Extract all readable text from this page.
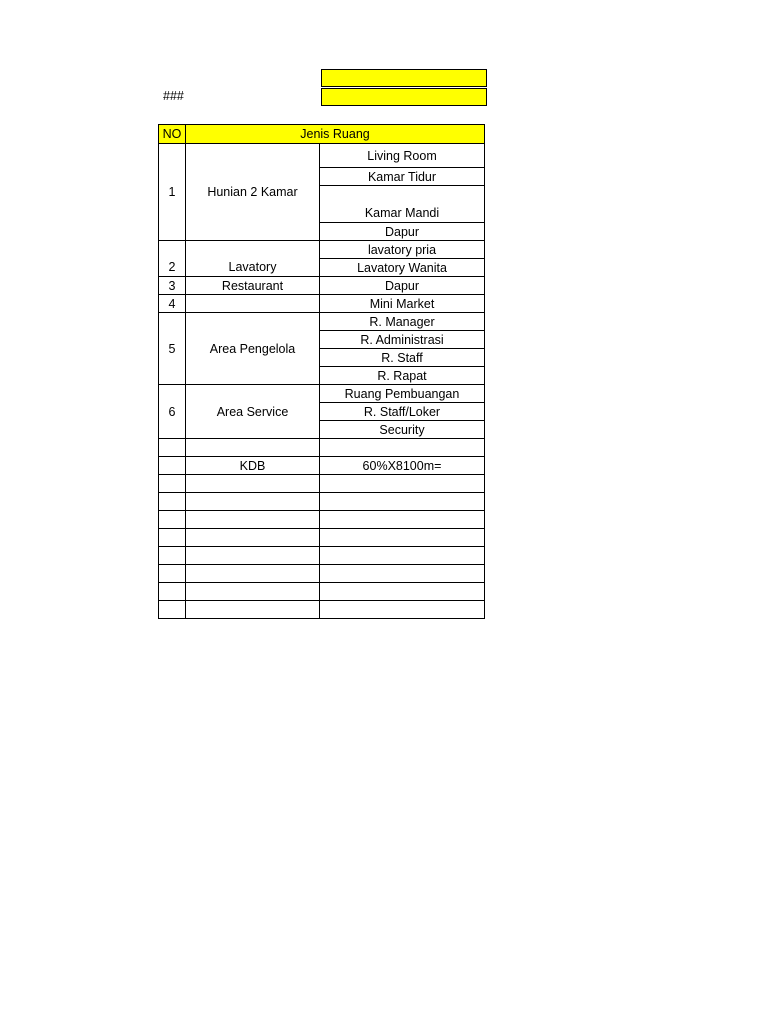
###
NO	Jenis Ruang	
1	Hunian 2 Kamar	Living Room
		Kamar Tidur
		Kamar Mandi
		Dapur
2	Lavatory	lavatory pria
		Lavatory Wanita
3	Restaurant	Dapur
4		Mini Market
5	Area Pengelola	R. Manager
		R. Administrasi
		R. Staff
		R. Rapat
6	Area Service	Ruang Pembuangan
		R. Staff/Loker
		Security

	KDB	60%X8100m=
